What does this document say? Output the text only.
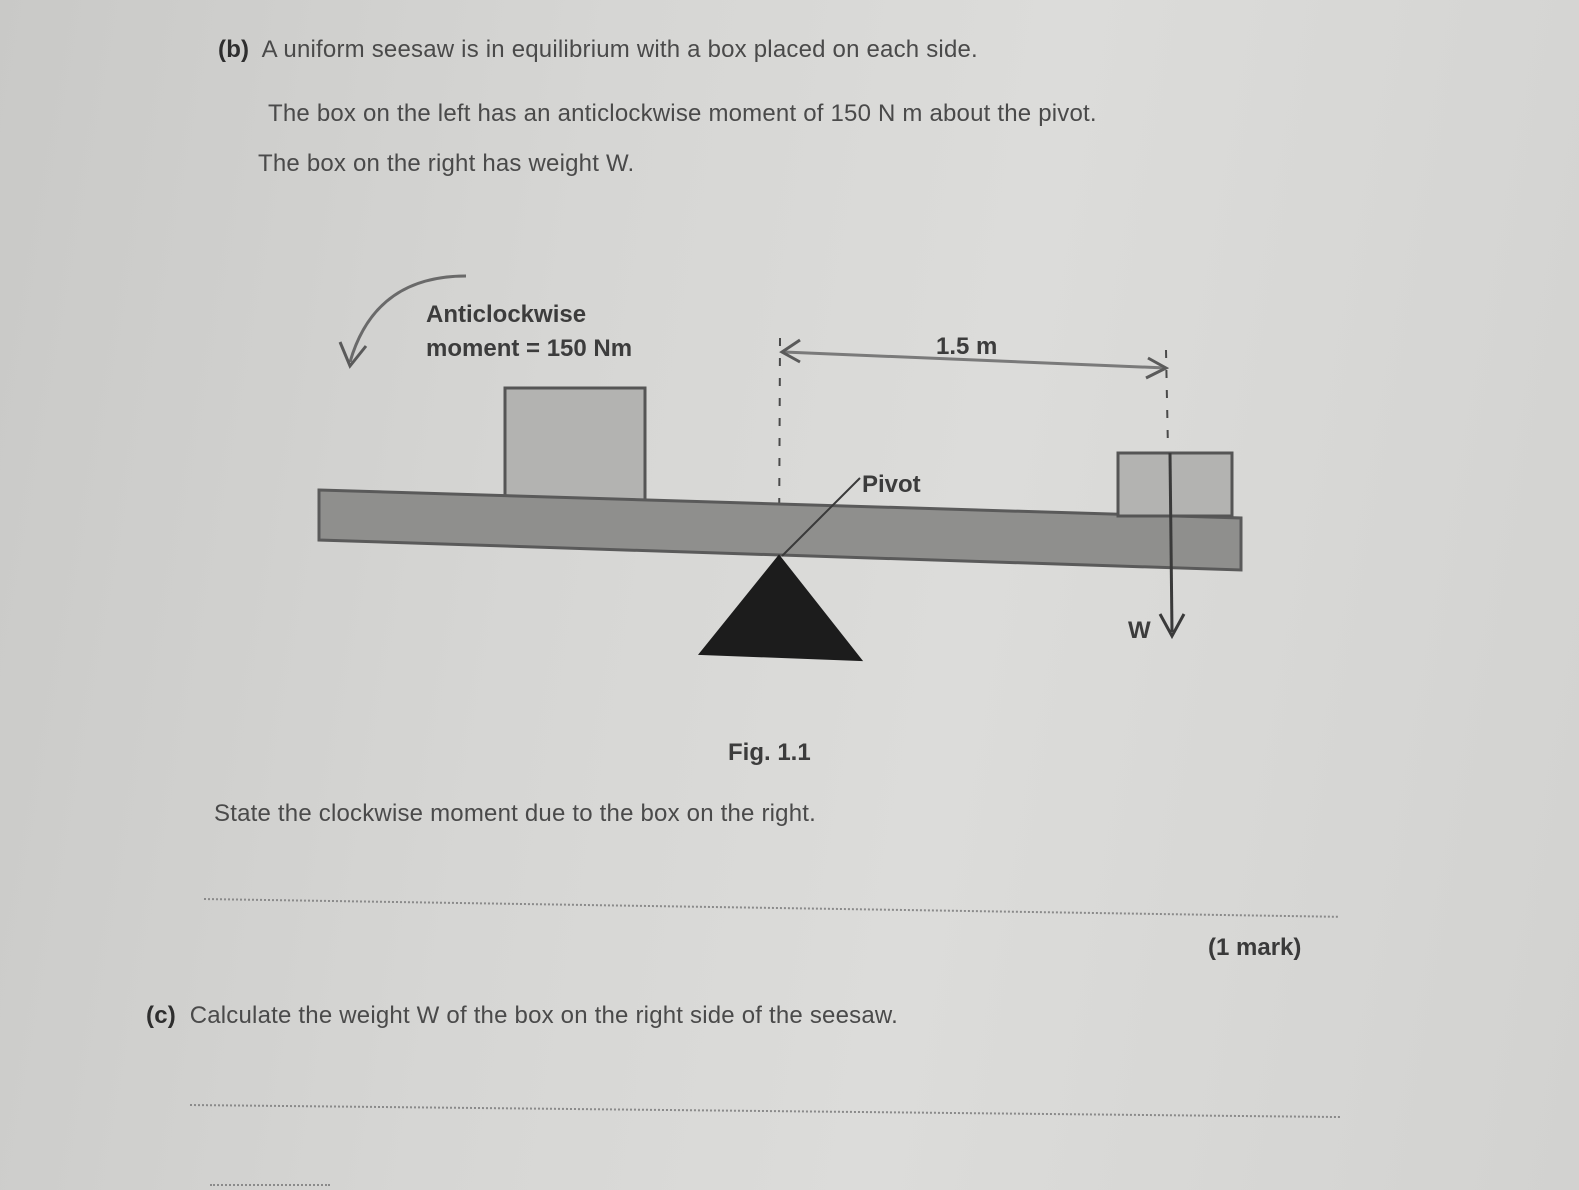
(b) A uniform seesaw is in equilibrium with a box placed on each side.
The box on the left has an anticlockwise moment of 150 N m about the pivot.
The box on the right has weight W.
Anticlockwise
moment = 150 Nm	1.5 m
W
Pivot
Fig. 1.1
State the clockwise moment due to the box on the right.
(1 mark)
(c) Calculate the weight W of the box on the right side of the seesaw.
